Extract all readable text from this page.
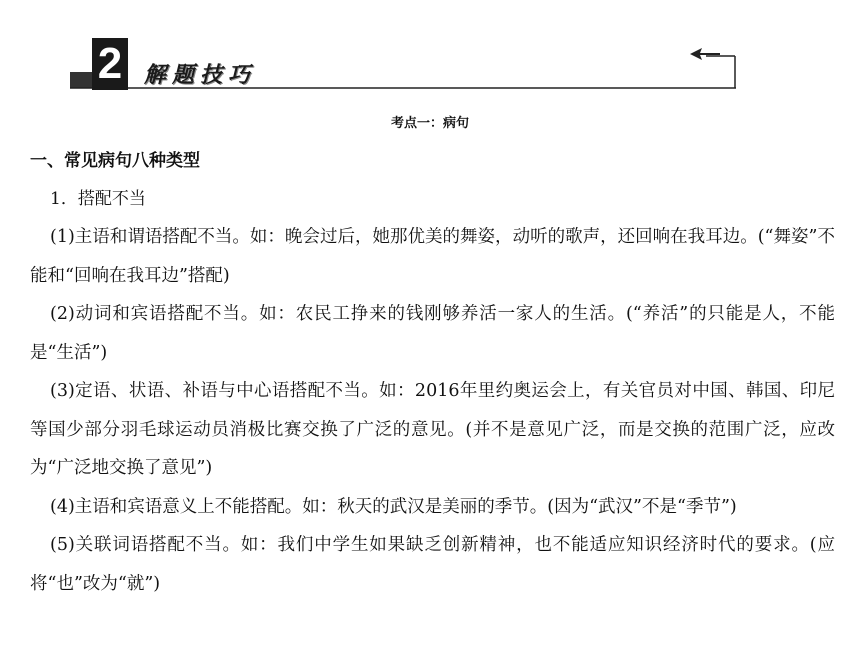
2 解题技巧
考点一：病句
一、常见病句八种类型
1．搭配不当

(1)主语和谓语搭配不当。如：晚会过后，她那优美的舞姿，动听的歌声，还回响在我耳边。(“舞姿”不能和“回响在我耳边”搭配)

(2)动词和宾语搭配不当。如：农民工挣来的钱刚够养活一家人的生活。(“养活”的只能是人，不能是“生活”)

(3)定语、状语、补语与中心语搭配不当。如：2016年里约奥运会上，有关官员对中国、韩国、印尼等国少部分羽毛球运动员消极比赛交换了广泛的意见。(并不是意见广泛，而是交换的范围广泛，应改为“广泛地交换了意见”)

(4)主语和宾语意义上不能搭配。如：秋天的武汉是美丽的季节。(因为“武汉”不是“季节”)

(5)关联词语搭配不当。如：我们中学生如果缺乏创新精神，也不能适应知识经济时代的要求。(应将“也”改为“就”)
